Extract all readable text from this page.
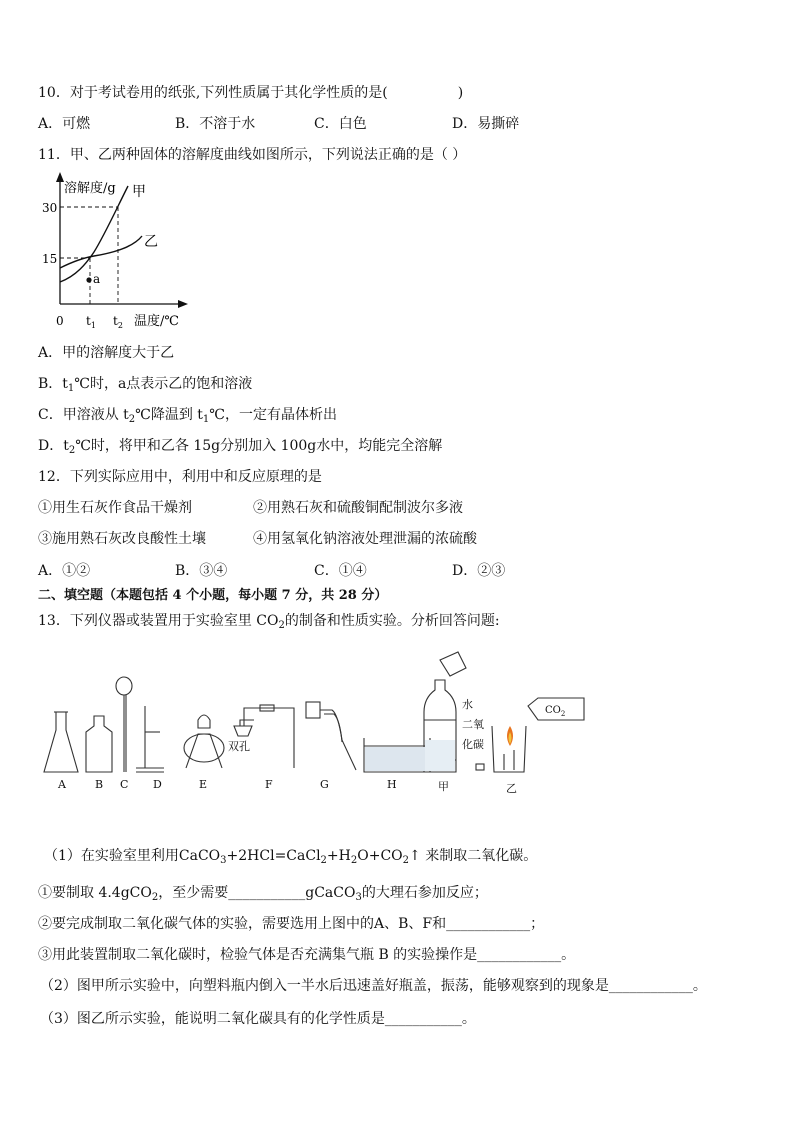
10．对于考试卷用的纸张,下列性质属于其化学性质的是(　　　　　)
A．可燃	B．不溶于水	C．白色	D．易撕碎
11．甲、乙两种固体的溶解度曲线如图所示，下列说法正确的是（ ）
溶解度/g 甲
乙
a
30
15
0 $t_1$ $t_2$ 温度/℃
A．甲的溶解度大于乙
B．$t_1℃$时，a点表示乙的饱和溶液
C．甲溶液从 $t_2℃$降温到 $t_1℃$，一定有晶体析出
D．$t_2℃$时，将甲和乙各 15g分别加入 100g水中，均能完全溶解
12．下列实际应用中，利用中和反应原理的是
①用生石灰作食品干燥剂	②用熟石灰和硫酸铜配制波尔多液
③施用熟石灰改良酸性土壤	④用氢氧化钠溶液处理泄漏的浓硫酸
A．①②	B．③④	C．①④	D．②③
二、填空题（本题包括 4 个小题，每小题 7 分，共 28 分）
13．下列仪器或装置用于实验室里 $CO_2$的制备和性质实验。分析回答问题:
A	B C D	E	F	G	H	甲	乙
水
二氧
化碳
双孔
$CO_2$
（1）在实验室里利用$CaCO_3+2HCl=CaCl_2+H_2O+CO_2↑$ 来制取二氧化碳。
①要制取 4.4gCO$_2$，至少需要___________gCaCO$_3$的大理石参加反应；
②要完成制取二氧化碳气体的实验，需要选用上图中的A、B、F和____________；
③用此装置制取二氧化碳时，检验气体是否充满集气瓶 B 的实验操作是____________。
（2）图甲所示实验中，向塑料瓶内倒入一半水后迅速盖好瓶盖，振荡，能够观察到的现象是____________。
（3）图乙所示实验，能说明二氧化碳具有的化学性质是___________。
